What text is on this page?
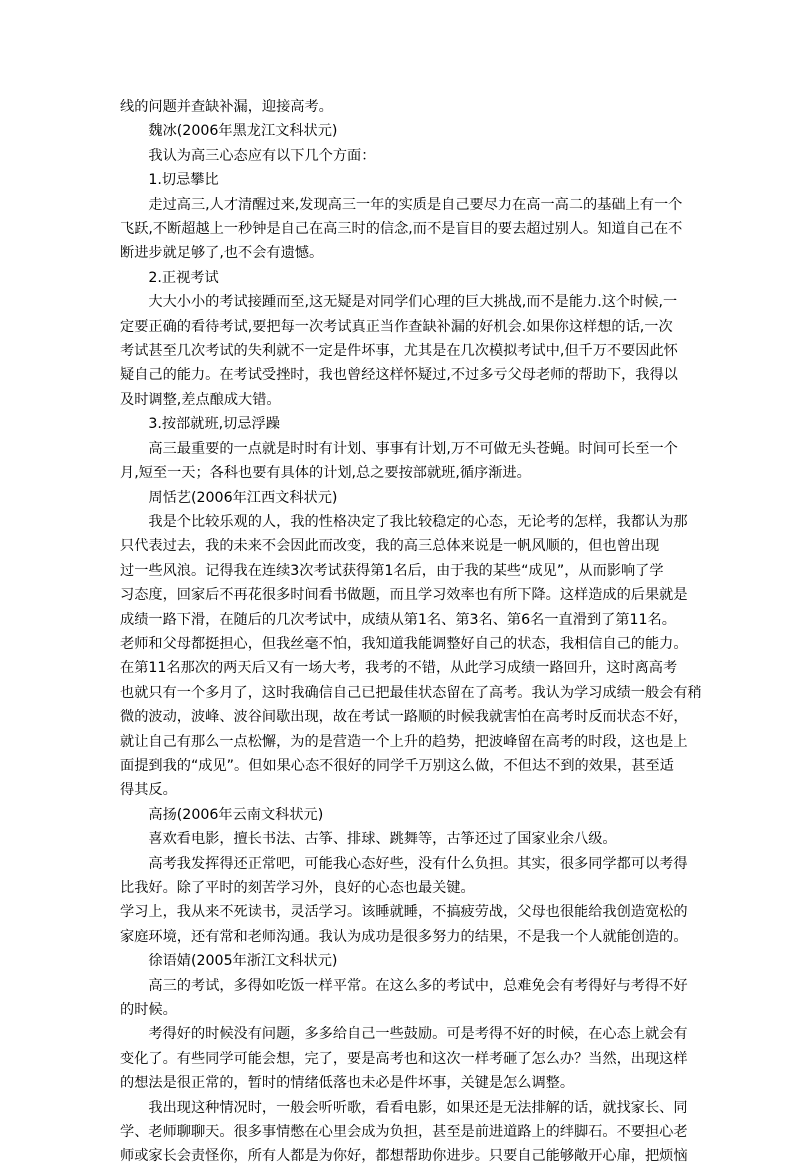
线的问题并查缺补漏，迎接高考。

魏冰(2006年黑龙江文科状元)

我认为高三心态应有以下几个方面：

1.切忌攀比

走过高三,人才清醒过来,发现高三一年的实质是自己要尽力在高一高二的基础上有一个
飞跃,不断超越上一秒钟是自己在高三时的信念,而不是盲目的要去超过别人。知道自己在不
断进步就足够了,也不会有遗憾。

2.正视考试

大大小小的考试接踵而至,这无疑是对同学们心理的巨大挑战,而不是能力.这个时候,一
定要正确的看待考试,要把每一次考试真正当作查缺补漏的好机会.如果你这样想的话,一次
考试甚至几次考试的失利就不一定是件坏事，尤其是在几次模拟考试中,但千万不要因此怀
疑自己的能力。在考试受挫时，我也曾经这样怀疑过,不过多亏父母老师的帮助下，我得以
及时调整,差点酿成大错。

3.按部就班,切忌浮躁

高三最重要的一点就是时时有计划、事事有计划,万不可做无头苍蝇。时间可长至一个
月,短至一天；各科也要有具体的计划,总之要按部就班,循序渐进。

周恬艺(2006年江西文科状元)

我是个比较乐观的人，我的性格决定了我比较稳定的心态，无论考的怎样，我都认为那
只代表过去，我的未来不会因此而改变，我的高三总体来说是一帆风顺的，但也曾出现
过一些风浪。记得我在连续3次考试获得第1名后，由于我的某些“成见”，从而影响了学
习态度，回家后不再花很多时间看书做题，而且学习效率也有所下降。这样造成的后果就是
成绩一路下滑，在随后的几次考试中，成绩从第1名、第3名、第6名一直滑到了第11名。
老师和父母都挺担心，但我丝毫不怕，我知道我能调整好自己的状态，我相信自己的能力。
在第11名那次的两天后又有一场大考，我考的不错，从此学习成绩一路回升，这时离高考
也就只有一个多月了，这时我确信自己已把最佳状态留在了高考。我认为学习成绩一般会有稍
微的波动，波峰、波谷间歇出现，故在考试一路顺的时候我就害怕在高考时反而状态不好，
就让自己有那么一点松懈，为的是营造一个上升的趋势，把波峰留在高考的时段，这也是上
面提到我的“成见”。但如果心态不很好的同学千万别这么做，不但达不到的效果，甚至适
得其反。

高扬(2006年云南文科状元)

喜欢看电影，擅长书法、古筝、排球、跳舞等，古筝还过了国家业余八级。

高考我发挥得还正常吧，可能我心态好些，没有什么负担。其实，很多同学都可以考得
比我好。除了平时的刻苦学习外，良好的心态也最关键。

学习上，我从来不死读书，灵活学习。该睡就睡，不搞疲劳战，父母也很能给我创造宽松的
家庭环境，还有常和老师沟通。我认为成功是很多努力的结果，不是我一个人就能创造的。

徐语婧(2005年浙江文科状元)

高三的考试，多得如吃饭一样平常。在这么多的考试中，总难免会有考得好与考得不好
的时候。

考得好的时候没有问题，多多给自己一些鼓励。可是考得不好的时候，在心态上就会有
变化了。有些同学可能会想，完了，要是高考也和这次一样考砸了怎么办？当然，出现这样
的想法是很正常的，暂时的情绪低落也未必是件坏事，关键是怎么调整。

我出现这种情况时，一般会听听歌，看看电影，如果还是无法排解的话，就找家长、同
学、老师聊聊天。很多事情憋在心里会成为负担，甚至是前进道路上的绊脚石。不要担心老
师或家长会责怪你，所有人都是为你好，都想帮助你进步。只要自己能够敞开心扉，把烦恼
